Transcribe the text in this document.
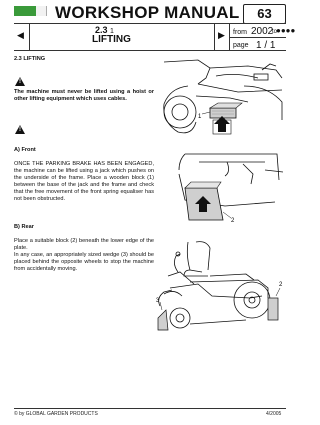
WORKSHOP MANUAL	63
◀	▶
2.3 1
LIFTING
from 2002
to
●●●●
page 1 / 1
2.3 LIFTING
!
The machine must never be lifted using a hoist or other lifting equipment which uses cables.
!
A) Front
ONCE THE PARKING BRAKE HAS BEEN ENGAGED, the machine can be lifted using a jack which pushes on the underside of the frame. Place a wooden block (1) between the base of the jack and the frame and check that the free movement of the front spring equaliser has not been obstructed.
B) Rear
Place a suitable block (2) beneath the lower edge of the plate.
In any case, an appropriately sized wedge (3) should be placed behind the opposite wheels to stop the machine from accidentally moving.
1
2
3
2
© by GLOBAL GARDEN PRODUCTS	4/2005
